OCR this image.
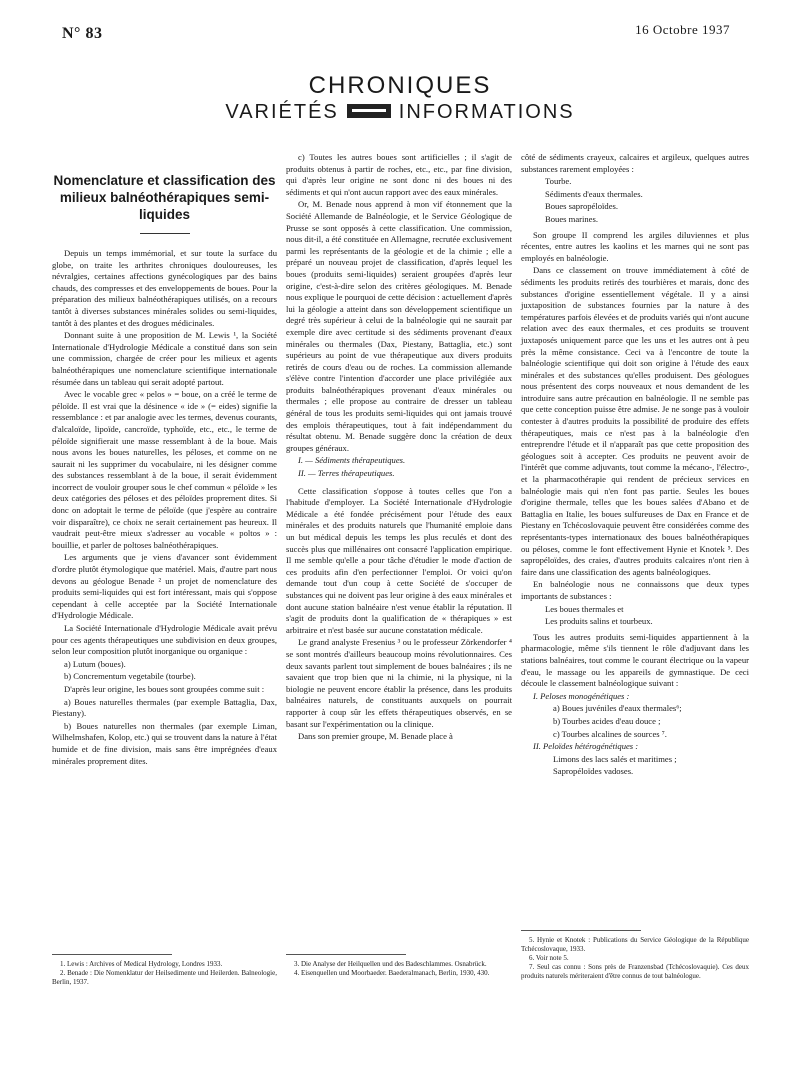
N° 83	16 Octobre 1937
CHRONIQUES
VARIÉTÉS	INFORMATIONS
Nomenclature et classification des milieux balnéothérapiques semi-liquides

Depuis un temps immémorial, et sur toute la surface du globe, on traite les arthrites chroniques douloureuses, les névralgies, certaines affections gynécologiques par des bains chauds, des compresses et des enveloppements de boues. Pour la préparation des milieux balnéothérapiques utilisés, on a recours tantôt à diverses substances minérales solides ou semi-liquides, tantôt à des plantes et des drogues médicinales.

Donnant suite à une proposition de M. Lewis ¹, la Société Internationale d'Hydrologie Médicale a constitué dans son sein une commission, chargée de créer pour les milieux et agents balnéothérapiques une nomenclature scientifique internationale résumée dans un tableau qui serait adopté partout.

Avec le vocable grec « pelos » = boue, on a créé le terme de péloïde. Il est vrai que la désinence « ide » (= eides) signifie la ressemblance : et par analogie avec les termes, devenus courants, d'alcaloïde, lipoïde, cancroïde, typhoïde, etc., etc., le terme de péloïde signifierait une masse ressemblant à de la boue. Mais nous avons les boues naturelles, les péloses, et comme on ne saurait ni les supprimer du vocabulaire, ni les désigner comme des substances ressemblant à de la boue, il serait évidemment incorrect de vouloir grouper sous le chef commun « péloïde » les deux catégories des péloses et des péloïdes proprement dites. Si donc on adoptait le terme de péloïde (que j'espère au contraire voir disparaître), ce choix ne serait certainement pas heureux. Il vaudrait peut-être mieux s'adresser au vocable « poltos » : bouillie, et parler de poltoses balnéothérapiques.

Les arguments que je viens d'avancer sont évidemment d'ordre plutôt étymologique que matériel. Mais, d'autre part nous devons au géologue Benade ² un projet de nomenclature des produits semi-liquides qui est fort intéressant, mais qui s'oppose cependant à celle acceptée par la Société Internationale d'Hydrologie Médicale.

La Société Internationale d'Hydrologie Médicale avait prévu pour ces agents thérapeutiques une subdivision en deux groupes, selon leur composition plutôt inorganique ou organique :

a) Lutum (boues).

b) Concrementum vegetabile (tourbe).

D'après leur origine, les boues sont groupées comme suit :

a) Boues naturelles thermales (par exemple Battaglia, Dax, Piestany).

b) Boues naturelles non thermales (par exemple Liman, Wilhelmshafen, Kolop, etc.) qui se trouvent dans la nature à l'état humide et de fine division, mais sans être imprégnées d'eaux minérales proprement dites.

c) Toutes les autres boues sont artificielles ; il s'agit de produits obtenus à partir de roches, etc., etc., par fine division, qui d'après leur origine ne sont donc ni des boues ni des sédiments et qui n'ont aucun rapport avec des eaux minérales.

Or, M. Benade nous apprend à mon vif étonnement que la Société Allemande de Balnéologie, et le Service Géologique de Prusse se sont opposés à cette classification. Une commission, nous dit-il, a été constituée en Allemagne, recrutée exclusivement parmi les représentants de la géologie et de la chimie ; elle a préparé un nouveau projet de classification, d'après lequel les boues (produits semi-liquides) seraient groupées d'après leur origine, c'est-à-dire selon des critères géologiques. M. Benade nous explique le pourquoi de cette décision : actuellement d'après lui la géologie a atteint dans son développement scientifique un degré très supérieur à celui de la balnéologie qui ne saurait par exemple dire avec certitude si des sédiments provenant d'eaux minérales ou thermales (Dax, Piestany, Battaglia, etc.) sont supérieurs au point de vue thérapeutique aux divers produits retirés de cours d'eau ou de roches. La commission allemande s'élève contre l'intention d'accorder une place privilégiée aux produits balnéothérapiques provenant d'eaux minérales ou thermales ; elle propose au contraire de dresser un tableau général de tous les produits semi-liquides qui ont jamais trouvé des emplois thérapeutiques, tout à fait indépendamment du résultat obtenu. M. Benade suggère donc la création de deux groupes généraux.

I. — Sédiments thérapeutiques.

II. — Terres thérapeutiques.

Cette classification s'oppose à toutes celles que l'on a l'habitude d'employer. La Société Internationale d'Hydrologie Médicale a été fondée précisément pour l'étude des eaux minérales et des produits naturels que l'humanité emploie dans un but médical depuis les temps les plus reculés et dont des succès plus que millénaires ont consacré l'application empirique. Il me semble qu'elle a pour tâche d'étudier le mode d'action de ces produits afin d'en perfectionner l'emploi. Or voici qu'on demande tout d'un coup à cette Société de s'occuper de substances qui ne doivent pas leur origine à des eaux minérales et dont aucune station balnéaire n'est venue établir la réputation. Il s'agit de produits dont la qualification de « thérapiques » est arbitraire et n'est basée sur aucune constatation médicale.

Le grand analyste Fresenius ³ ou le professeur Zörkendorfer ⁴ se sont montrés d'ailleurs beaucoup moins révolutionnaires. Ces deux savants parlent tout simplement de boues balnéaires ; ils ne savaient que trop bien que ni la chimie, ni la physique, ni la biologie ne peuvent encore établir la présence, dans les produits balnéaires naturels, de constituants auxquels on pourrait rapporter à coup sûr les effets thérapeutiques observés, en se basant sur l'expérimentation ou la clinique.

Dans son premier groupe, M. Benade place à

côté de sédiments crayeux, calcaires et argileux, quelques autres substances rarement employées :

Tourbe.

Sédiments d'eaux thermales.

Boues sapropéloïdes.

Boues marines.

Son groupe II comprend les argiles diluviennes et plus récentes, entre autres les kaolins et les marnes qui ne sont pas employés en balnéologie.

Dans ce classement on trouve immédiatement à côté de sédiments les produits retirés des tourbières et marais, donc des substances d'origine essentiellement végétale. Il y a ainsi juxtaposition de substances fournies par la nature à des températures parfois élevées et de produits variés qui n'ont aucune relation avec des eaux thermales, et ces produits se trouvent juxtaposés uniquement parce que les uns et les autres ont à peu près la même consistance. Ceci va à l'encontre de toute la balnéologie scientifique qui doit son origine à l'étude des eaux minérales et des substances qu'elles produisent. Des géologues nous présentent des corps nouveaux et nous demandent de les introduire sans autre précaution en balnéologie. Il ne semble pas que cette conception puisse être admise. Je ne songe pas à vouloir contester à d'autres produits la possibilité de produire des effets thérapeutiques, mais ce n'est pas à la balnéologie d'en entreprendre l'étude et il n'apparaît pas que cette proposition des géologues soit à accepter. Ces produits ne peuvent avoir de l'intérêt que comme adjuvants, tout comme la mécano-, l'électro-, et la pharmacothérapie qui rendent de précieux services en balnéologie mais qui n'en font pas partie. Seules les boues d'origine thermale, telles que les boues salées d'Abano et de Battaglia en Italie, les boues sulfureuses de Dax en France et de Piestany en Tchécoslovaquie peuvent être considérées comme des représentants-types internationaux des boues balnéothérapiques ou péloses, comme le font effectivement Hynie et Knotek ⁵. Des sapropéloïdes, des craies, d'autres produits calcaires n'ont rien à faire dans une classification des agents balnéologiques.

En balnéologie nous ne connaissons que deux types importants de substances :

Les boues thermales et

Les produits salins et tourbeux.

Tous les autres produits semi-liquides appartiennent à la pharmacologie, même s'ils tiennent le rôle d'adjuvant dans les stations balnéaires, tout comme le courant électrique ou la vapeur d'eau, le massage ou les appareils de gymnastique. De ceci découle le classement balnéologique suivant :

I. Peloses monogénétiques :

a) Boues juvéniles d'eaux thermales⁶;

b) Tourbes acides d'eau douce ;

c) Tourbes alcalines de sources ⁷.

II. Peloïdes hétérogénétiques :

Limons des lacs salés et maritimes ;

Sapropéloïdes vadoses.

1. Lewis : Archives of Medical Hydrology, Londres 1933.

2. Benade : Die Nomenklatur der Heilsedimente und Heilerden. Balneologie, Berlin, 1937.

3. Die Analyse der Heilquellen und des Badeschlammes. Osnabrück.

4. Eisenquellen und Moorbaeder. Baederalmanach, Berlin, 1930, 430.

5. Hynie et Knotek : Publications du Service Géologique de la République Tchécoslovaque, 1933.

6. Voir note 5.

7. Seul cas connu : Sons près de Franzensbad (Tchécoslovaquie). Ces deux produits naturels mériteraient d'être connus de tout balnéologue.
